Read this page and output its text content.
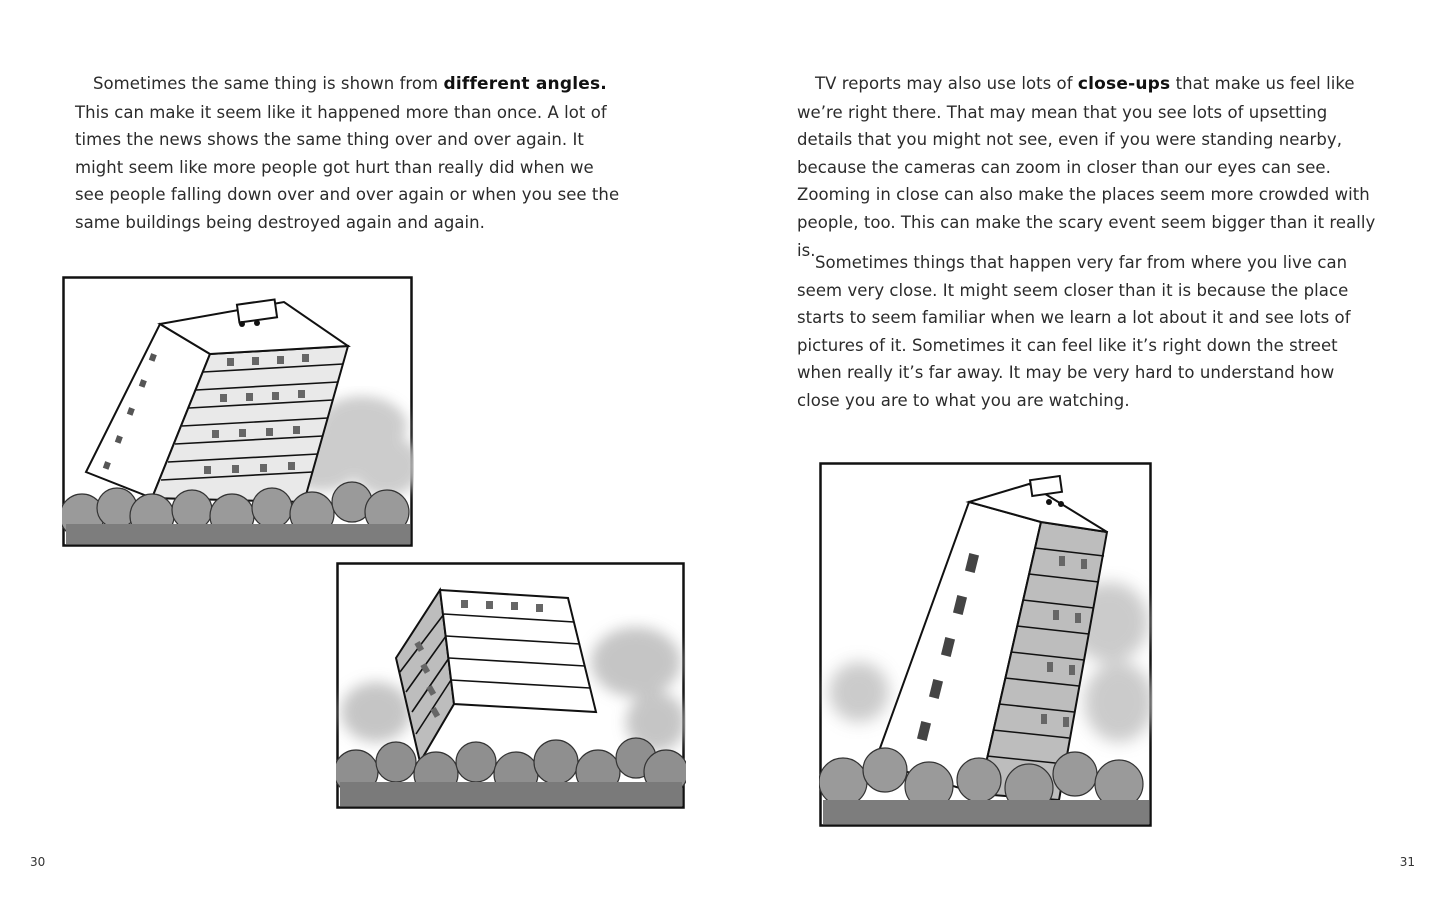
Sometimes the same thing is shown from different angles. This can make it seem like it happened more than once. A lot of times the news shows the same thing over and over again. It might seem like more people got hurt than really did when we see people falling down over and over again or when you see the same buildings being destroyed again and again.

30

TV reports may also use lots of close-ups that make us feel like we’re right there. That may mean that you see lots of upsetting details that you might not see, even if you were standing nearby, because the cameras can zoom in closer than our eyes can see. Zooming in close can also make the places seem more crowded with people, too. This can make the scary event seem bigger than it really is.

Sometimes things that happen very far from where you live can seem very close. It might seem closer than it is because the place starts to seem familiar when we learn a lot about it and see lots of pictures of it. Sometimes it can feel like it’s right down the street when really it’s far away. It may be very hard to understand how close you are to what you are watching.

31
